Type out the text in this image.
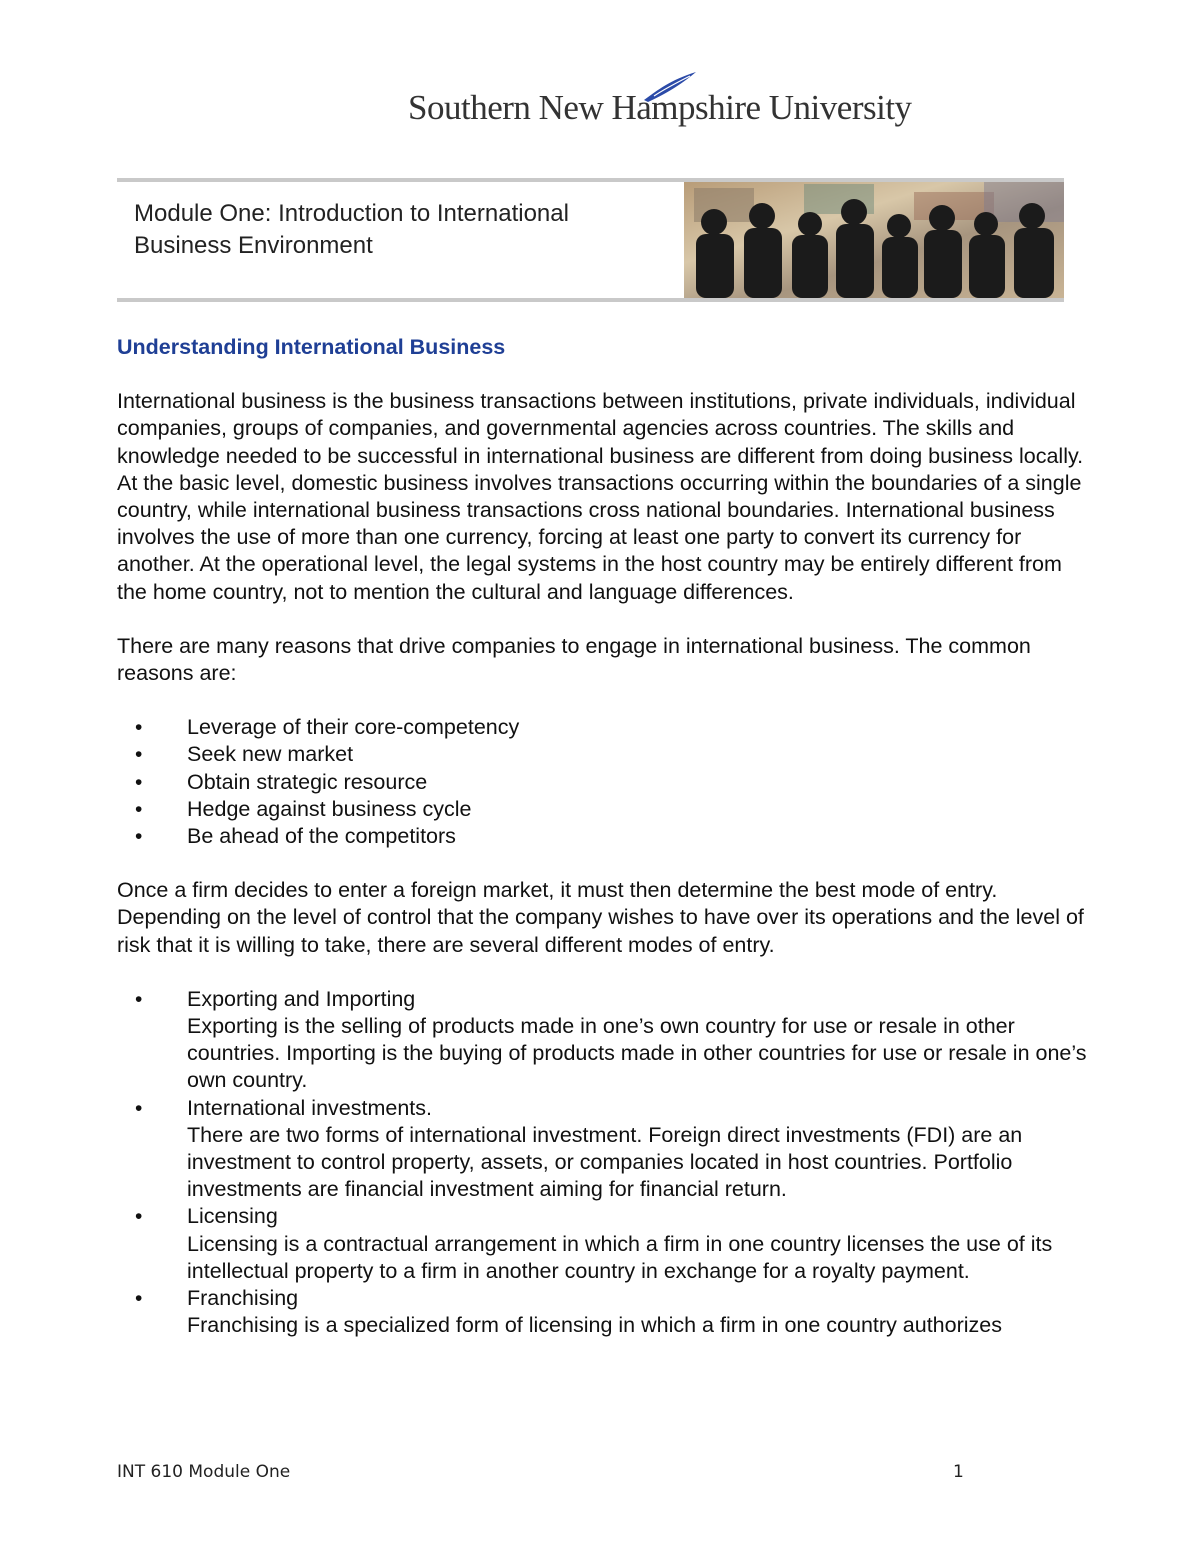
Southern New Hampshire University
Module One: Introduction to International
Business Environment
Understanding International Business

International business is the business transactions between institutions, private individuals, individual companies, groups of companies, and governmental agencies across countries. The skills and knowledge needed to be successful in international business are different from doing business locally. At the basic level, domestic business involves transactions occurring within the boundaries of a single country, while international business transactions cross national boundaries. International business involves the use of more than one currency, forcing at least one party to convert its currency for another. At the operational level, the legal systems in the host country may be entirely different from the home country, not to mention the cultural and language differences.

There are many reasons that drive companies to engage in international business. The common reasons are:

• Leverage of their core-competency
• Seek new market
• Obtain strategic resource
• Hedge against business cycle
• Be ahead of the competitors

Once a firm decides to enter a foreign market, it must then determine the best mode of entry. Depending on the level of control that the company wishes to have over its operations and the level of risk that it is willing to take, there are several different modes of entry.

• Exporting and Importing
Exporting is the selling of products made in one’s own country for use or resale in other countries. Importing is the buying of products made in other countries for use or resale in one’s own country.
• International investments.
There are two forms of international investment. Foreign direct investments (FDI) are an investment to control property, assets, or companies located in host countries. Portfolio investments are financial investment aiming for financial return.
• Licensing
Licensing is a contractual arrangement in which a firm in one country licenses the use of its intellectual property to a firm in another country in exchange for a royalty payment.
• Franchising
Franchising is a specialized form of licensing in which a firm in one country authorizes
INT 610 Module One	1
